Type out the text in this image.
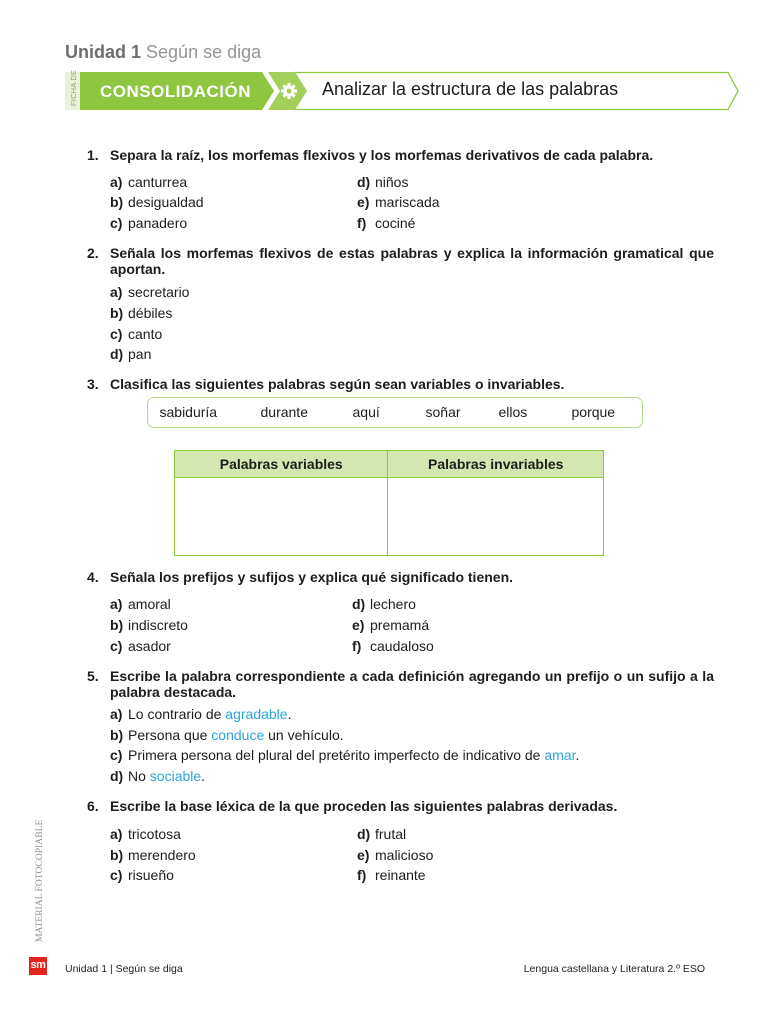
Unidad 1 Según se diga
FICHA DE CONSOLIDACIÓN	Analizar la estructura de las palabras
1. Separa la raíz, los morfemas flexivos y los morfemas derivativos de cada palabra.
a) canturrea
b) desigualdad
c) panadero
d) niños
e) mariscada
f) cociné
2. Señala los morfemas flexivos de estas palabras y explica la información gramatical que aportan.
a) secretario
b) débiles
c) canto
d) pan
3. Clasifica las siguientes palabras según sean variables o invariables.
sabiduría	durante	aquí	soñar	ellos	porque
Palabras variables	Palabras invariables

4. Señala los prefijos y sufijos y explica qué significado tienen.
a) amoral
b) indiscreto
c) asador
d) lechero
e) premamá
f) caudaloso
5. Escribe la palabra correspondiente a cada definición agregando un prefijo o un sufijo a la palabra destacada.
a) Lo contrario de agradable.
b) Persona que conduce un vehículo.
c) Primera persona del plural del pretérito imperfecto de indicativo de amar.
d) No sociable.
6. Escribe la base léxica de la que proceden las siguientes palabras derivadas.
a) tricotosa
b) merendero
c) risueño
d) frutal
e) malicioso
f) reinante
MATERIAL FOTOCOPIABLE
sm Unidad 1 | Según se diga	Lengua castellana y Literatura 2.º ESO
